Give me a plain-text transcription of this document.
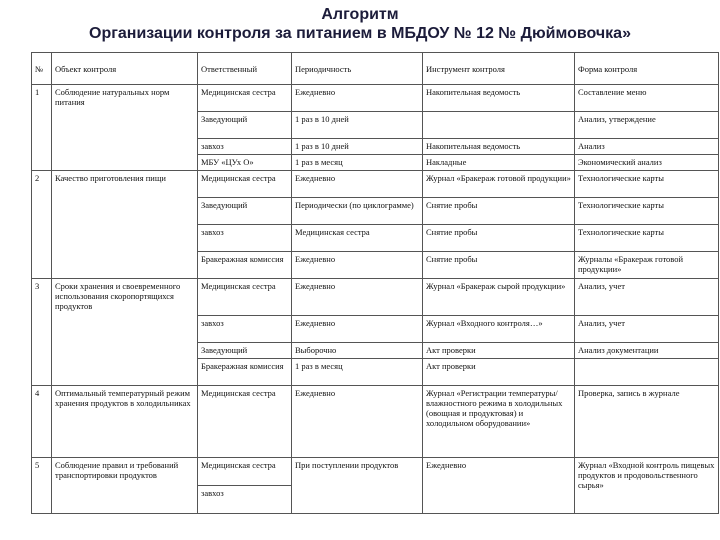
Алгоритм
Организации контроля за питанием в МБДОУ № 12 № Дюймовочка»
№	Объект контроля	Ответственный	Периодичность	Инструмент контроля	Форма контроля
1	Соблюдение натуральных норм питания	Медицинская сестра	Ежедневно	Накопительная ведомость	Составление меню
		Заведующий	1 раз в 10 дней		Анализ, утверждение
		завхоз	1 раз в 10 дней	Накопительная ведомость	Анализ
		МБУ «ЦУх О»	1 раз в месяц	Накладные	Экономический анализ
2	Качество приготовления пищи	Медицинская сестра	Ежедневно	Журнал «Бракераж готовой продукции»	Технологические карты
		Заведующий	Периодически (по циклограмме)	Снятие пробы	Технологические карты
		завхоз	Медицинская сестра	Снятие пробы	Технологические карты
		Бракеражная комиссия	Ежедневно	Снятие пробы	Журналы «Бракераж готовой продукции»
3	Сроки хранения и своевременного использования скоропортящихся продуктов	Медицинская сестра	Ежедневно	Журнал «Бракераж сырой продукции»	Анализ, учет
		завхоз	Ежедневно	Журнал «Входного контроля…»	Анализ, учет
		Заведующий	Выборочно	Акт проверки	Анализ документации
		Бракеражная комиссия	1 раз в месяц	Акт проверки	
4	Оптимальный температурный режим хранения продуктов в холодильниках	Медицинская сестра	Ежедневно	Журнал «Регистрации температуры/влажностного режима в холодильных (овощная и продуктовая) и холодильном оборудовании»	Проверка, запись в журнале
5	Соблюдение правил и требований транспортировки продуктов	Медицинская сестра	При поступлении продуктов	Ежедневно	Журнал «Входной контроль пищевых продуктов и продовольственного сырья»
		завхоз			
